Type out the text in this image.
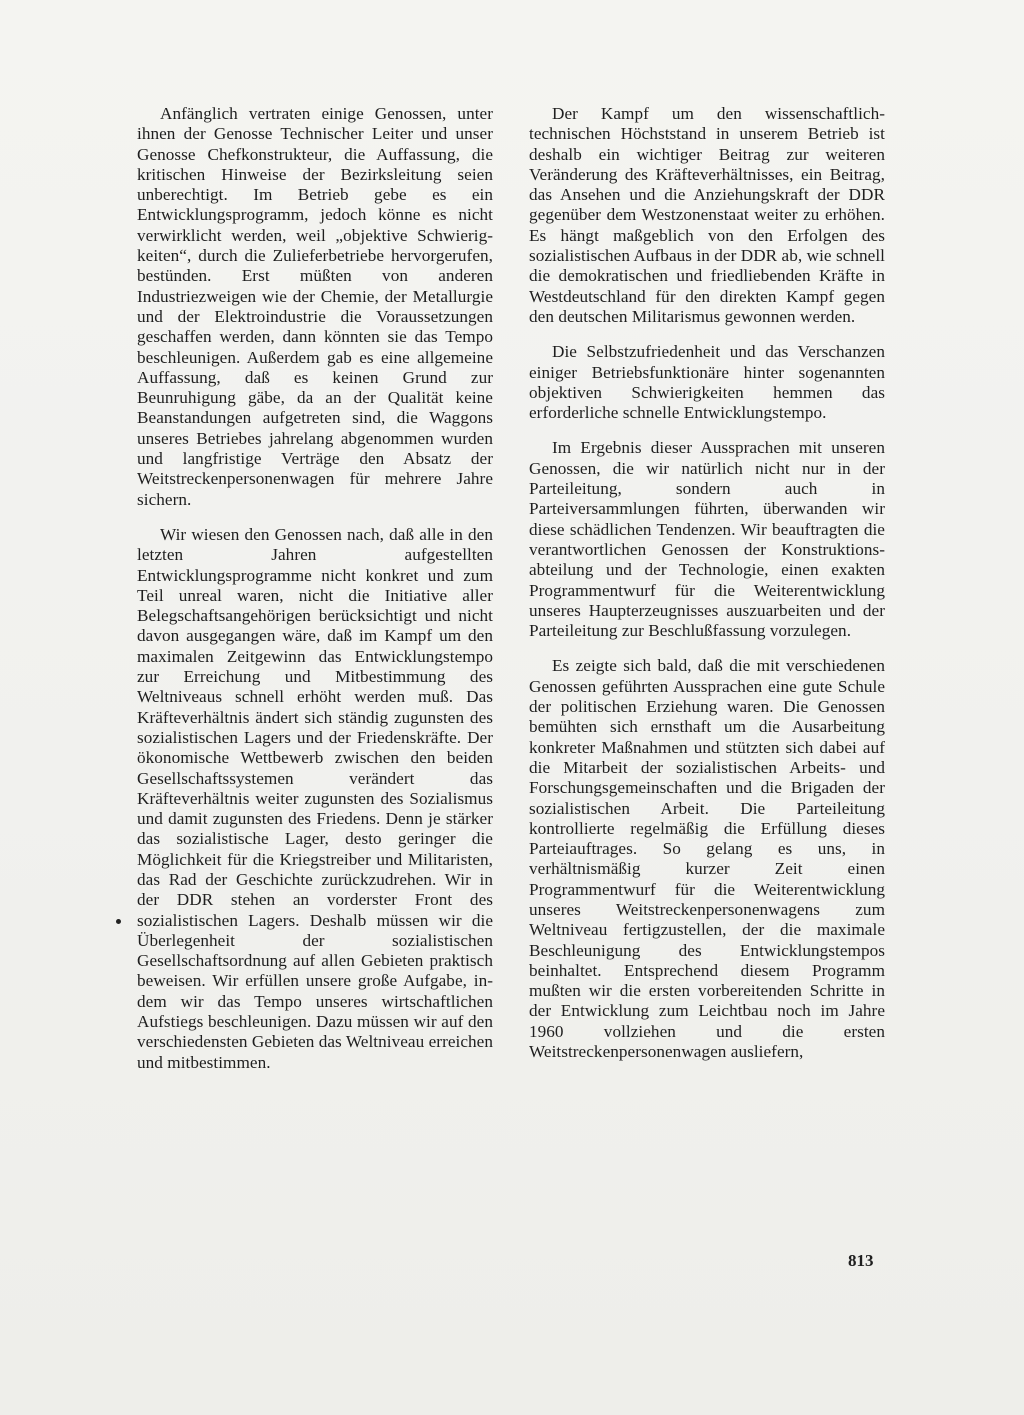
Anfänglich vertraten einige Genossen, unter ihnen der Genosse Technischer Leiter und unser Genosse Chefkonstrukteur, die Auffassung, die kritischen Hinweise der Bezirksleitung seien unberechtigt. Im Betrieb gebe es ein Entwicklungsprogramm, jedoch könne es nicht verwirklicht werden, weil „objektive Schwierigkeiten“, durch die Zulieferbetriebe hervorgerufen, bestünden. Erst müßten von anderen Industriezweigen wie der Chemie, der Metallurgie und der Elektroindustrie die Voraussetzungen geschaffen werden, dann könnten sie das Tempo beschleunigen. Außerdem gab es eine allgemeine Auffassung, daß es keinen Grund zur Beunruhigung gäbe, da an der Qualität keine Beanstandungen aufgetreten sind, die Waggons unseres Betriebes jahrelang abgenommen wurden und langfristige Verträge den Absatz der Weitstreckenpersonenwagen für mehrere Jahre sichern.

Wir wiesen den Genossen nach, daß alle in den letzten Jahren aufgestellten Entwicklungsprogramme nicht konkret und zum Teil unreal waren, nicht die Initiative aller Belegschaftsangehörigen berücksichtigt und nicht davon ausgegangen wäre, daß im Kampf um den maximalen Zeitgewinn das Entwicklungstempo zur Erreichung und Mitbestimmung des Weltniveaus schnell erhöht werden muß. Das Kräfteverhältnis ändert sich ständig zugunsten des sozialistischen Lagers und der Friedenskräfte. Der ökonomische Wettbewerb zwischen den beiden Gesellschaftssystemen verändert das Kräfteverhältnis weiter zugunsten des Sozialismus und damit zugunsten des Friedens. Denn je stärker das sozialistische Lager, desto geringer die Möglichkeit für die Kriegstreiber und Militaristen, das Rad der Geschichte zurückzudrehen. Wir in der DDR stehen an vorderster Front des sozialistischen Lagers. Deshalb müssen wir die Überlegenheit der sozialistischen Gesellschaftsordnung auf allen Gebieten praktisch beweisen. Wir erfüllen unsere große Aufgabe, indem wir das Tempo unseres wirtschaftlichen Aufstiegs beschleunigen. Dazu müssen wir auf den verschiedensten Gebieten das Weltniveau erreichen und mitbestimmen.

Der Kampf um den wissenschaftlich-technischen Höchststand in unserem Betrieb ist deshalb ein wichtiger Beitrag zur weiteren Veränderung des Kräfteverhältnisses, ein Beitrag, das Ansehen und die Anziehungskraft der DDR gegenüber dem Westzonenstaat weiter zu erhöhen. Es hängt maßgeblich von den Erfolgen des sozialistischen Aufbaus in der DDR ab, wie schnell die demokratischen und friedliebenden Kräfte in Westdeutschland für den direkten Kampf gegen den deutschen Militarismus gewonnen werden.

Die Selbstzufriedenheit und das Verschanzen einiger Betriebsfunktionäre hinter sogenannten objektiven Schwierigkeiten hemmen das erforderliche schnelle Entwicklungstempo.

Im Ergebnis dieser Aussprachen mit unseren Genossen, die wir natürlich nicht nur in der Parteileitung, sondern auch in Parteiversammlungen führten, überwanden wir diese schädlichen Tendenzen. Wir beauftragten die verantwortlichen Genossen der Konstruktionsabteilung und der Technologie, einen exakten Programmentwurf für die Weiterentwicklung unseres Haupterzeugnisses auszuarbeiten und der Parteileitung zur Beschlußfassung vorzulegen.

Es zeigte sich bald, daß die mit verschiedenen Genossen geführten Aussprachen eine gute Schule der politischen Erziehung waren. Die Genossen bemühten sich ernsthaft um die Ausarbeitung konkreter Maßnahmen und stützten sich dabei auf die Mitarbeit der sozialistischen Arbeits- und Forschungsgemeinschaften und die Brigaden der sozialistischen Arbeit. Die Parteileitung kontrollierte regelmäßig die Erfüllung dieses Parteiauftrages. So gelang es uns, in verhältnismäßig kurzer Zeit einen Programmentwurf für die Weiterentwicklung unseres Weitstreckenpersonenwagens zum Weltniveau fertigzustellen, der die maximale Beschleunigung des Entwicklungstempos beinhaltet. Entsprechend diesem Programm mußten wir die ersten vorbereitenden Schritte in der Entwicklung zum Leichtbau noch im Jahre 1960 vollziehen und die ersten Weitstreckenpersonenwagen ausliefern,

813
